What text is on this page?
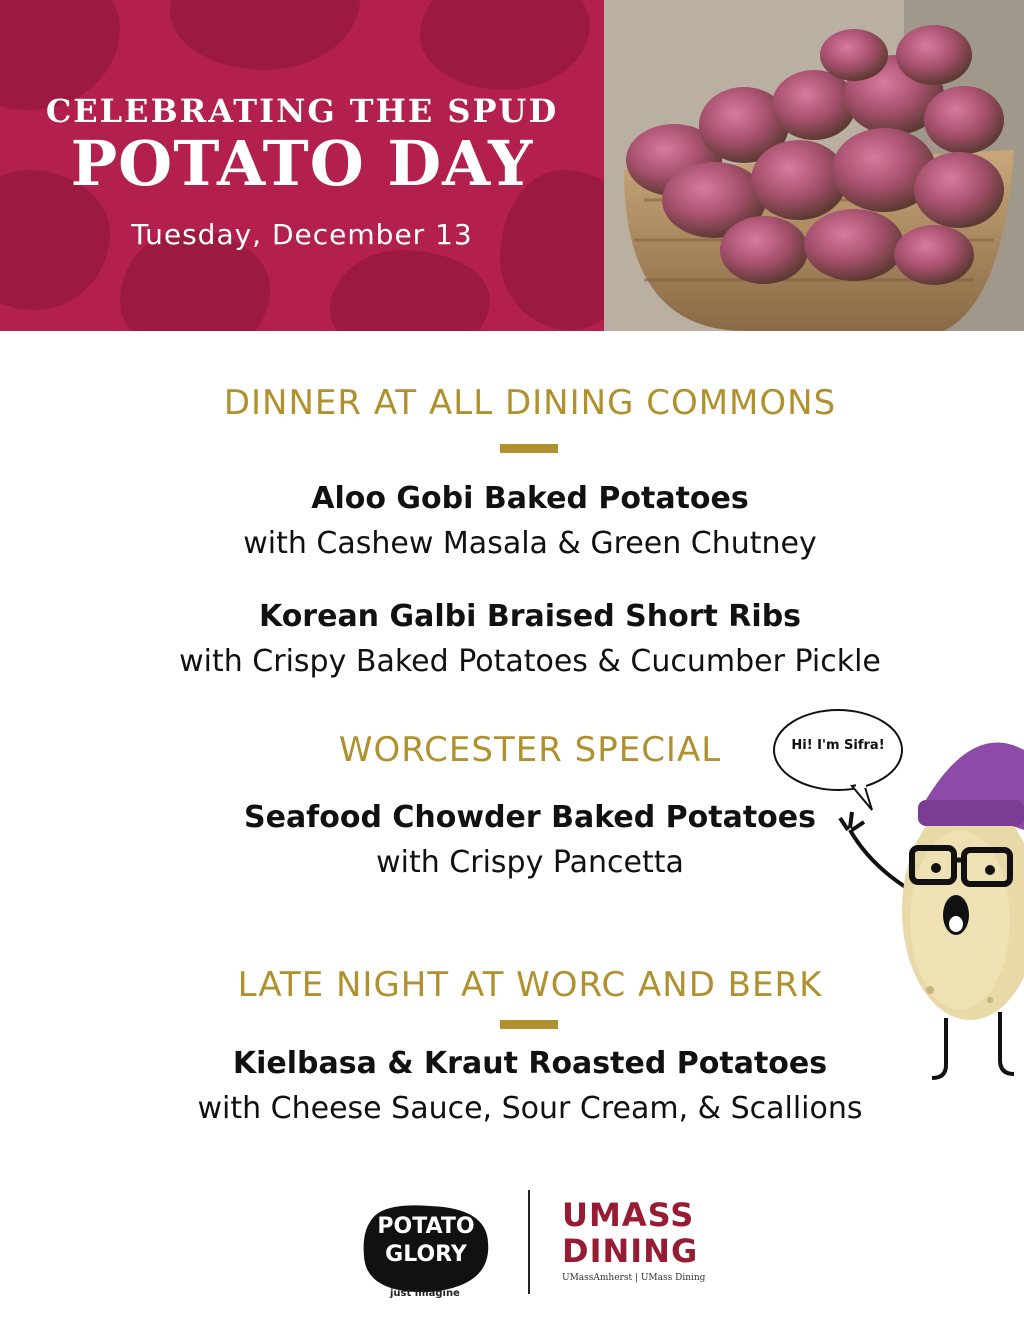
CELEBRATING THE SPUD
POTATO DAY
Tuesday, December 13
DINNER AT ALL DINING COMMONS
Aloo Gobi Baked Potatoes
with Cashew Masala & Green Chutney
Korean Galbi Braised Short Ribs
with Crispy Baked Potatoes & Cucumber Pickle
WORCESTER SPECIAL
Seafood Chowder Baked Potatoes
with Crispy Pancetta
LATE NIGHT AT WORC AND BERK
Kielbasa & Kraut Roasted Potatoes
with Cheese Sauce, Sour Cream, & Scallions
Hi! I'm Sifra!
POTATO
GLORY
just imagine
UMASS
DINING
UMassAmherst | UMass Dining
